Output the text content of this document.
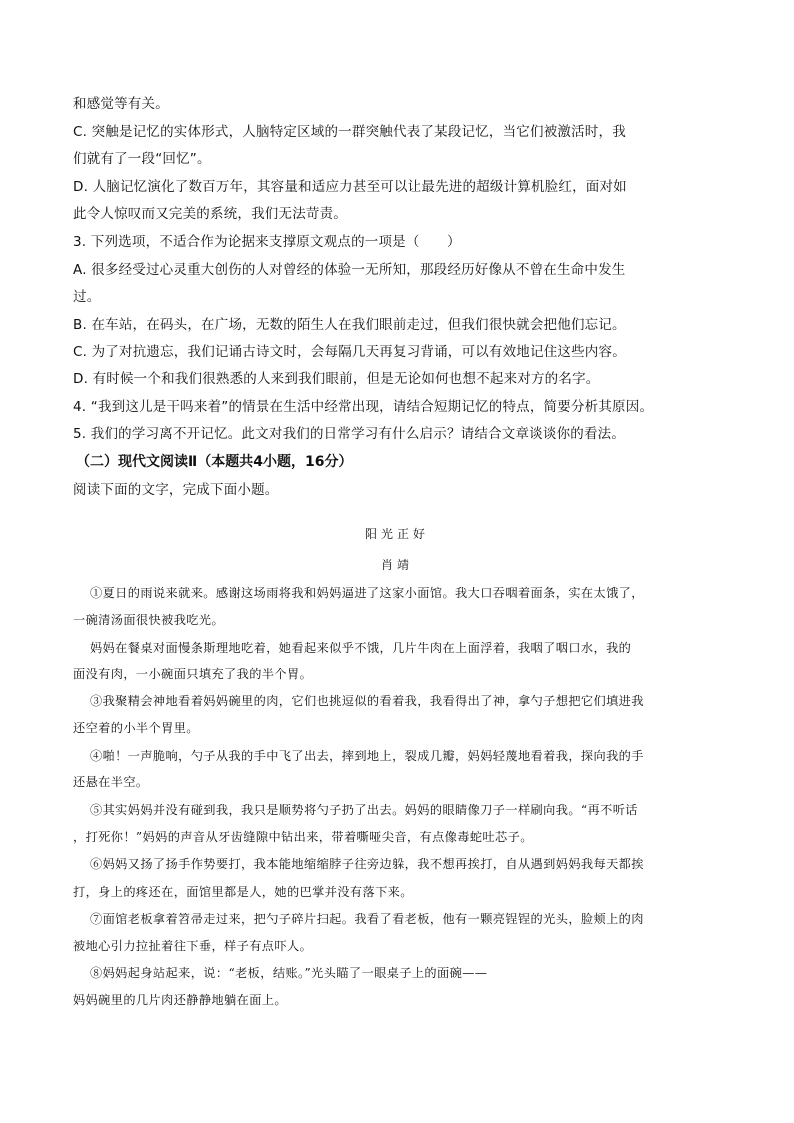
和感觉等有关。
C. 突触是记忆的实体形式，人脑特定区域的一群突触代表了某段记忆，当它们被激活时，我
们就有了一段“回忆”。
D. 人脑记忆演化了数百万年，其容量和适应力甚至可以让最先进的超级计算机脸红，面对如
此令人惊叹而又完美的系统，我们无法苛责。
3. 下列选项，不适合作为论据来支撑原文观点的一项是（　　）
A. 很多经受过心灵重大创伤的人对曾经的体验一无所知，那段经历好像从不曾在生命中发生
过。
B. 在车站，在码头，在广场，无数的陌生人在我们眼前走过，但我们很快就会把他们忘记。
C. 为了对抗遗忘，我们记诵古诗文时，会每隔几天再复习背诵，可以有效地记住这些内容。
D. 有时候一个和我们很熟悉的人来到我们眼前，但是无论如何也想不起来对方的名字。
4. “我到这儿是干吗来着”的情景在生活中经常出现，请结合短期记忆的特点，简要分析其原因。
5. 我们的学习离不开记忆。此文对我们的日常学习有什么启示？请结合文章谈谈你的看法。
（二）现代文阅读Ⅱ（本题共4小题，16分）
阅读下面的文字，完成下面小题。
阳光正好
肖靖
①夏日的雨说来就来。感谢这场雨将我和妈妈逼进了这家小面馆。我大口吞咽着面条，实在太饿了，
一碗清汤面很快被我吃光。
妈妈在餐桌对面慢条斯理地吃着，她看起来似乎不饿，几片牛肉在上面浮着，我咽了咽口水，我的
面没有肉，一小碗面只填充了我的半个胃。
③我聚精会神地看着妈妈碗里的肉，它们也挑逗似的看着我，我看得出了神，拿勺子想把它们填进我
还空着的小半个胃里。
④啪！一声脆响，勺子从我的手中飞了出去，摔到地上，裂成几瓣，妈妈轻蔑地看着我，探向我的手
还悬在半空。
⑤其实妈妈并没有碰到我，我只是顺势将勺子扔了出去。妈妈的眼睛像刀子一样刷向我。“再不听话
，打死你！”妈妈的声音从牙齿缝隙中钻出来，带着嘶哑尖音，有点像毒蛇吐芯子。
⑥妈妈又扬了扬手作势要打，我本能地缩缩脖子往旁边躲，我不想再挨打，自从遇到妈妈我每天都挨
打，身上的疼还在，面馆里都是人，她的巴掌并没有落下来。
⑦面馆老板拿着笤帚走过来，把勺子碎片扫起。我看了看老板，他有一颗亮锃锃的光头，脸颊上的肉
被地心引力拉扯着往下垂，样子有点吓人。
⑧妈妈起身站起来，说：“老板，结账。”光头瞄了一眼桌子上的面碗——
妈妈碗里的几片肉还静静地躺在面上。
